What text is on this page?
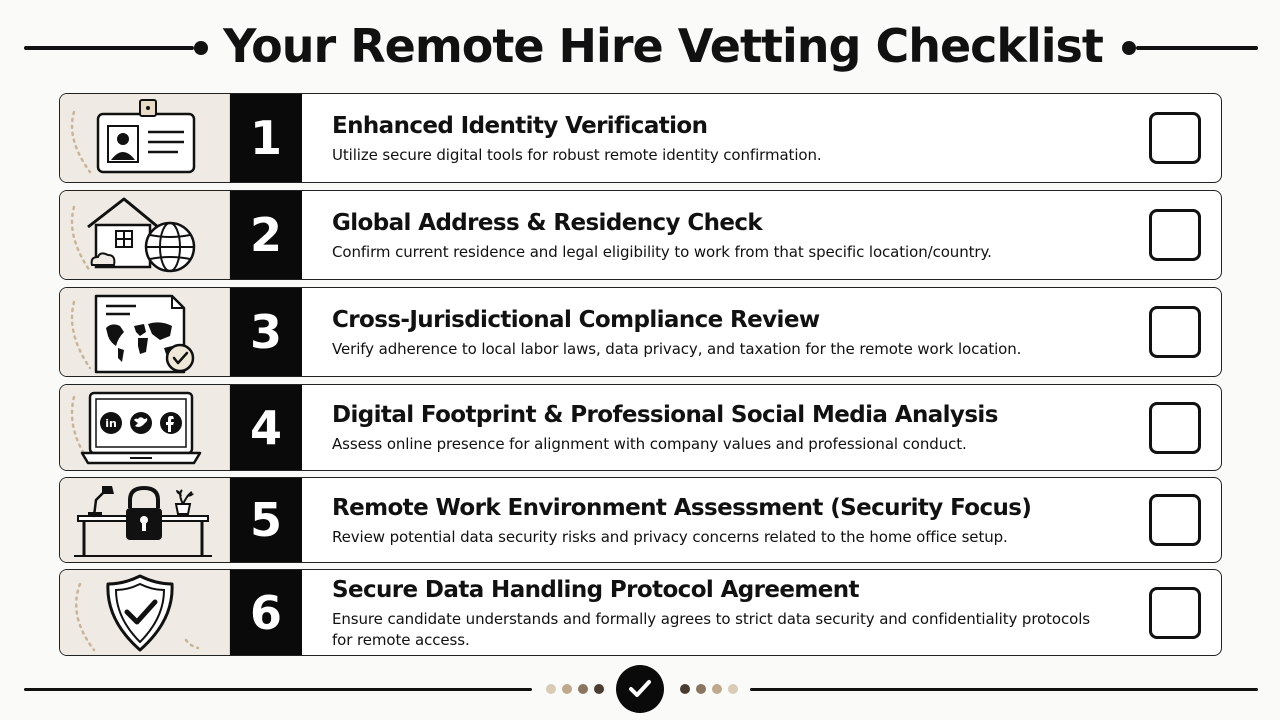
Your Remote Hire Vetting Checklist
1	Enhanced Identity Verification
Utilize secure digital tools for robust remote identity confirmation.
2	Global Address & Residency Check
Confirm current residence and legal eligibility to work from that specific location/country.
3	Cross-Jurisdictional Compliance Review
Verify adherence to local labor laws, data privacy, and taxation for the remote work location.
in	4	Digital Footprint & Professional Social Media Analysis
Assess online presence for alignment with company values and professional conduct.
5	Remote Work Environment Assessment (Security Focus)
Review potential data security risks and privacy concerns related to the home office setup.
6	Secure Data Handling Protocol Agreement
Ensure candidate understands and formally agrees to strict data security and confidentiality protocols for remote access.
